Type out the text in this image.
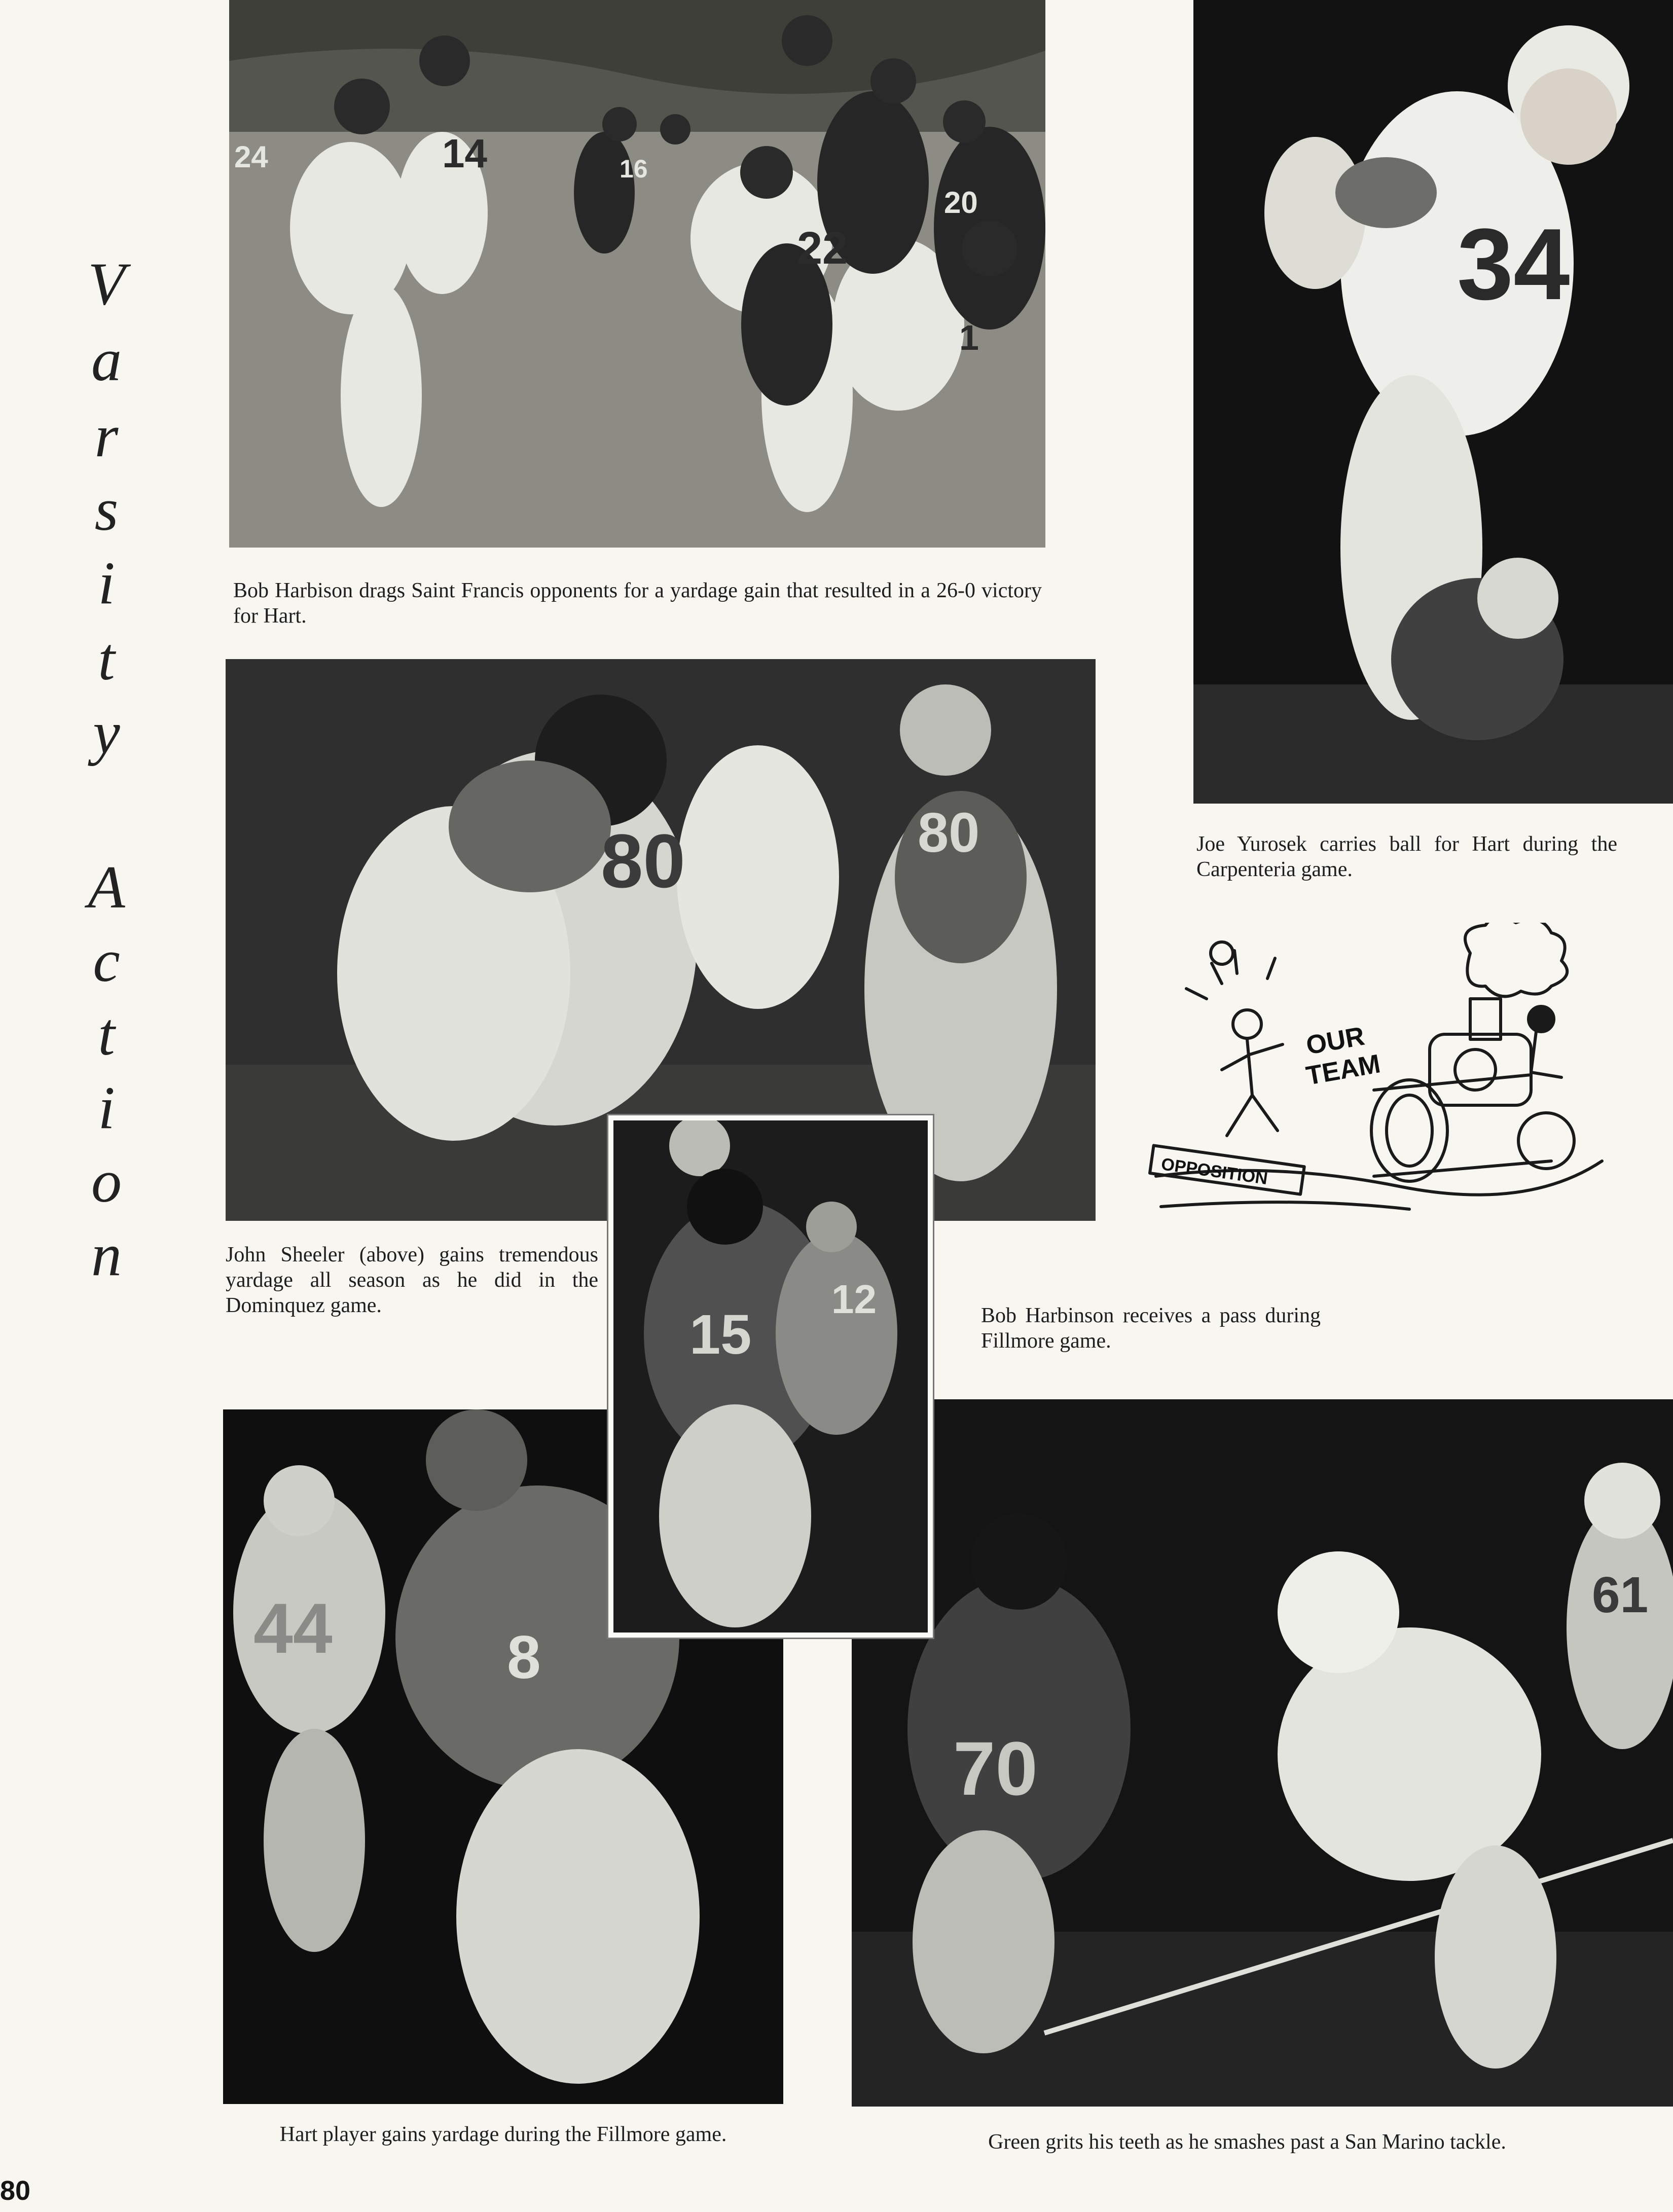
V
a
r
s
i
t
y
A
c
t
i
o
n
22
14
24	16
20
1
Bob Harbison drags Saint Francis opponents for a yardage gain that resulted in a 26-0 victory for Hart.
34
Joe Yurosek carries ball for Hart during the Carpenteria game.
80	80
John Sheeler (above) gains tremendous yardage all season as he did in the Dominquez game.
OUR
TEAM
OPPOSITION
15
12	Bob Harbinson receives a pass during Fillmore game.
44	8
Hart player gains yardage during the Fillmore game.
70
61
Green grits his teeth as he smashes past a San Marino tackle.
80
